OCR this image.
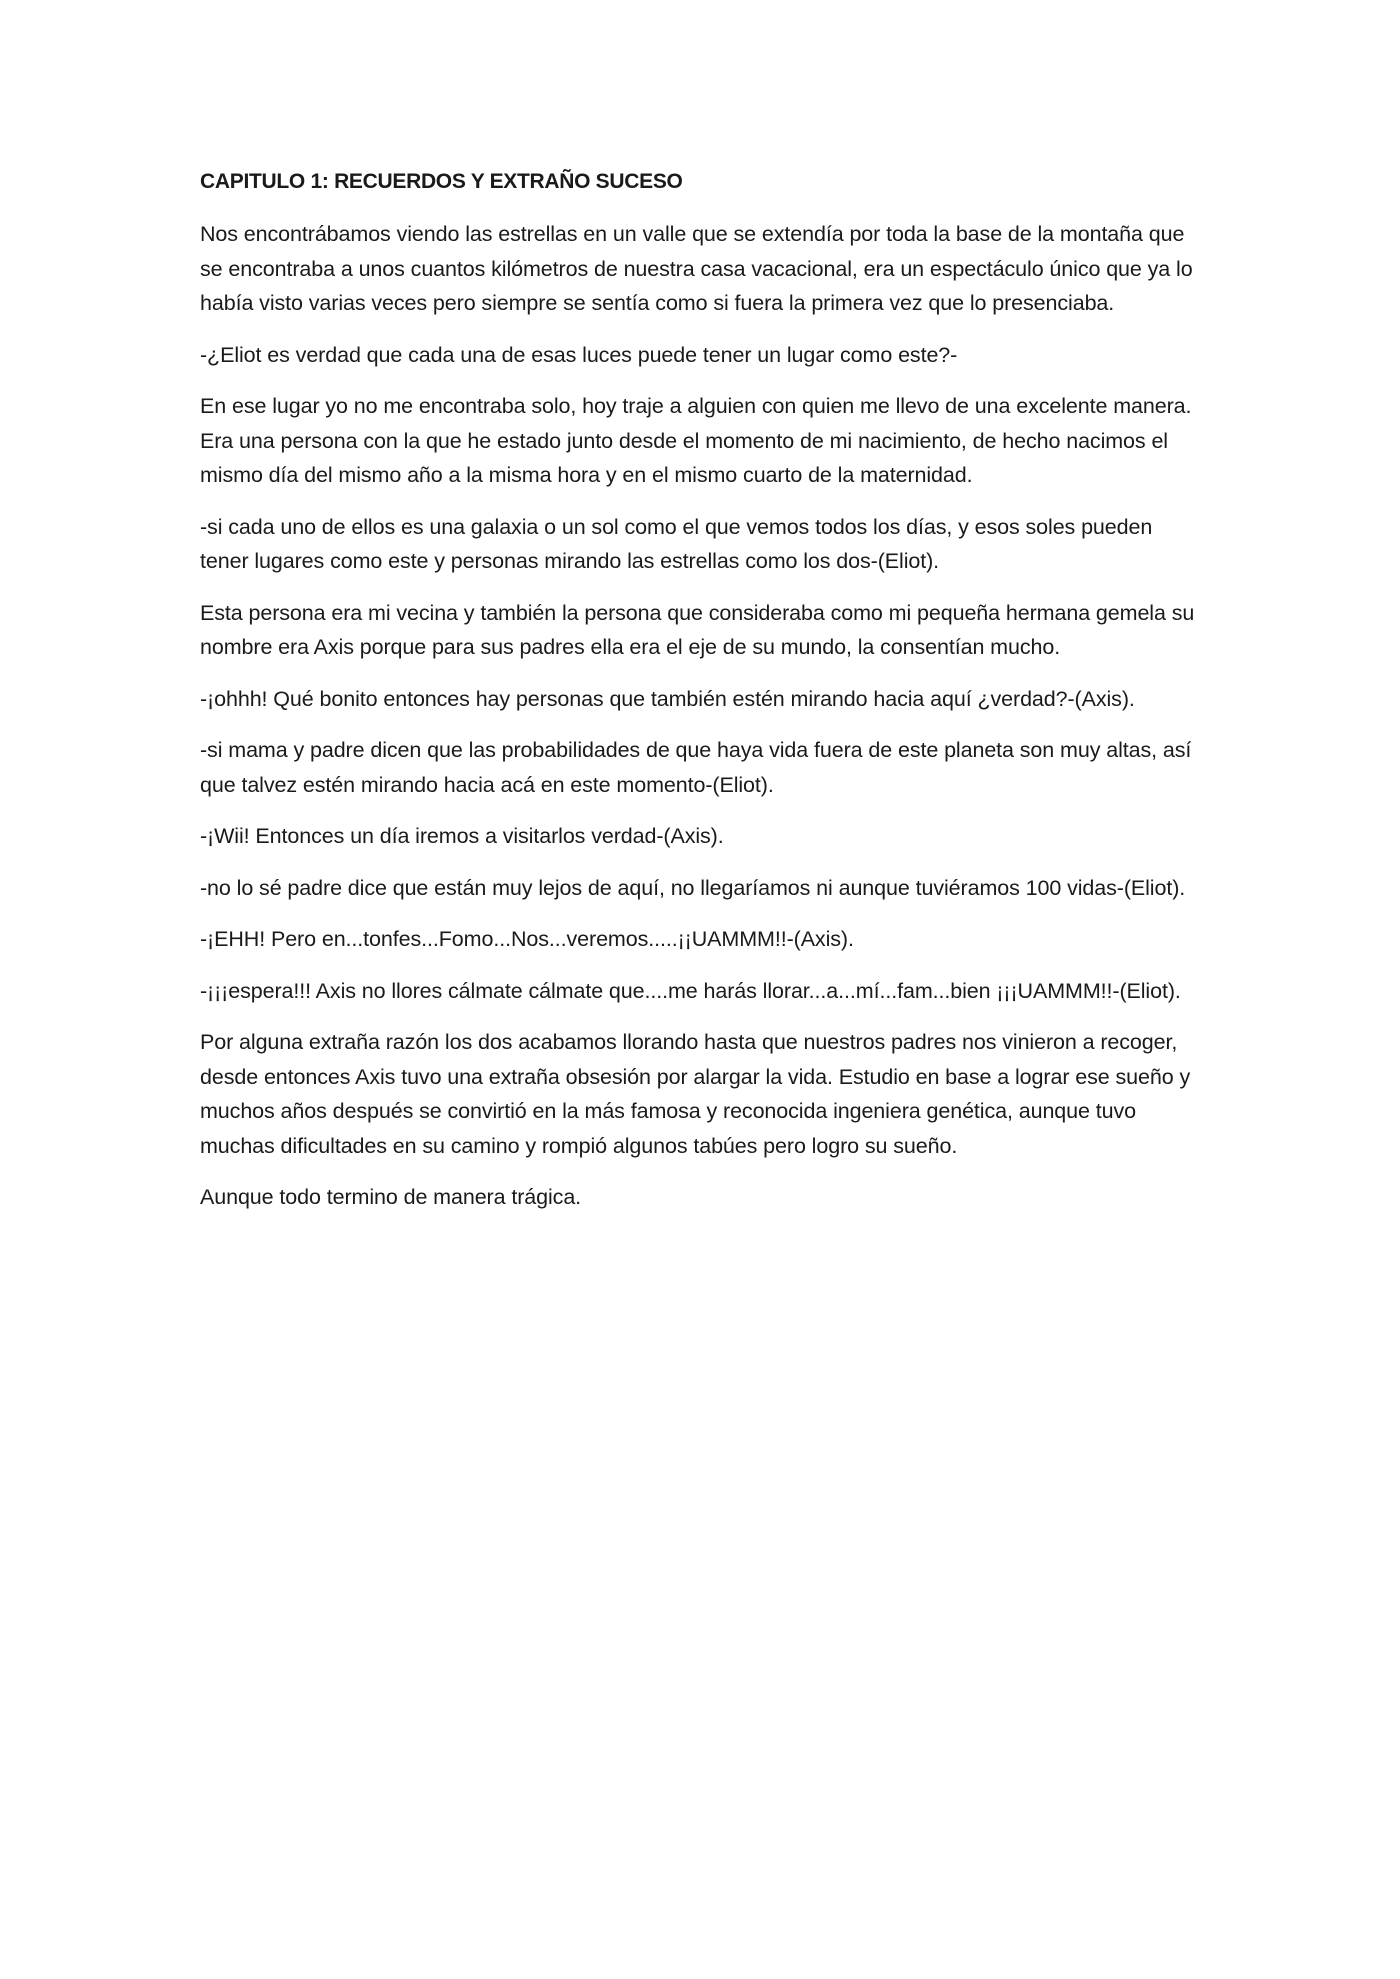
CAPITULO 1: RECUERDOS Y EXTRAÑO SUCESO

Nos encontrábamos viendo las estrellas en un valle que se extendía por toda la base de la montaña que se encontraba a unos cuantos kilómetros de nuestra casa vacacional, era un espectáculo único que ya lo había visto varias veces pero siempre se sentía como si fuera la primera vez que lo presenciaba.

-¿Eliot es verdad que cada una de esas luces puede tener un lugar como este?-

En ese lugar yo no me encontraba solo, hoy traje a alguien con quien me llevo de una excelente manera. Era una persona con la que he estado junto desde el momento de mi nacimiento, de hecho nacimos el mismo día del mismo año a la misma hora y en el mismo cuarto de la maternidad.

-si cada uno de ellos es una galaxia o un sol como el que vemos todos los días, y esos soles pueden tener lugares como este y personas mirando las estrellas como los dos-(Eliot).

Esta persona era mi vecina y también la persona que consideraba como mi pequeña hermana gemela su nombre era Axis porque para sus padres ella era el eje de su mundo, la consentían mucho.

-¡ohhh! Qué bonito entonces hay personas que también estén mirando hacia aquí ¿verdad?-(Axis).

-si mama y padre dicen que las probabilidades de que haya vida fuera de este planeta son muy altas, así que talvez estén mirando hacia acá en este momento-(Eliot).

-¡Wii! Entonces un día iremos a visitarlos verdad-(Axis).

-no lo sé padre dice que están muy lejos de aquí, no llegaríamos ni aunque tuviéramos 100 vidas-(Eliot).

-¡EHH! Pero en...tonfes...Fomo...Nos...veremos.....¡¡UAMMM!!-(Axis).

-¡¡¡espera!!! Axis no llores cálmate cálmate que....me harás llorar...a...mí...fam...bien ¡¡¡UAMMM!!-(Eliot).

Por alguna extraña razón los dos acabamos llorando hasta que nuestros padres nos vinieron a recoger, desde entonces Axis tuvo una extraña obsesión por alargar la vida. Estudio en base a lograr ese sueño y muchos años después se convirtió en la más famosa y reconocida ingeniera genética, aunque tuvo muchas dificultades en su camino y rompió algunos tabúes pero logro su sueño.

Aunque todo termino de manera trágica.
